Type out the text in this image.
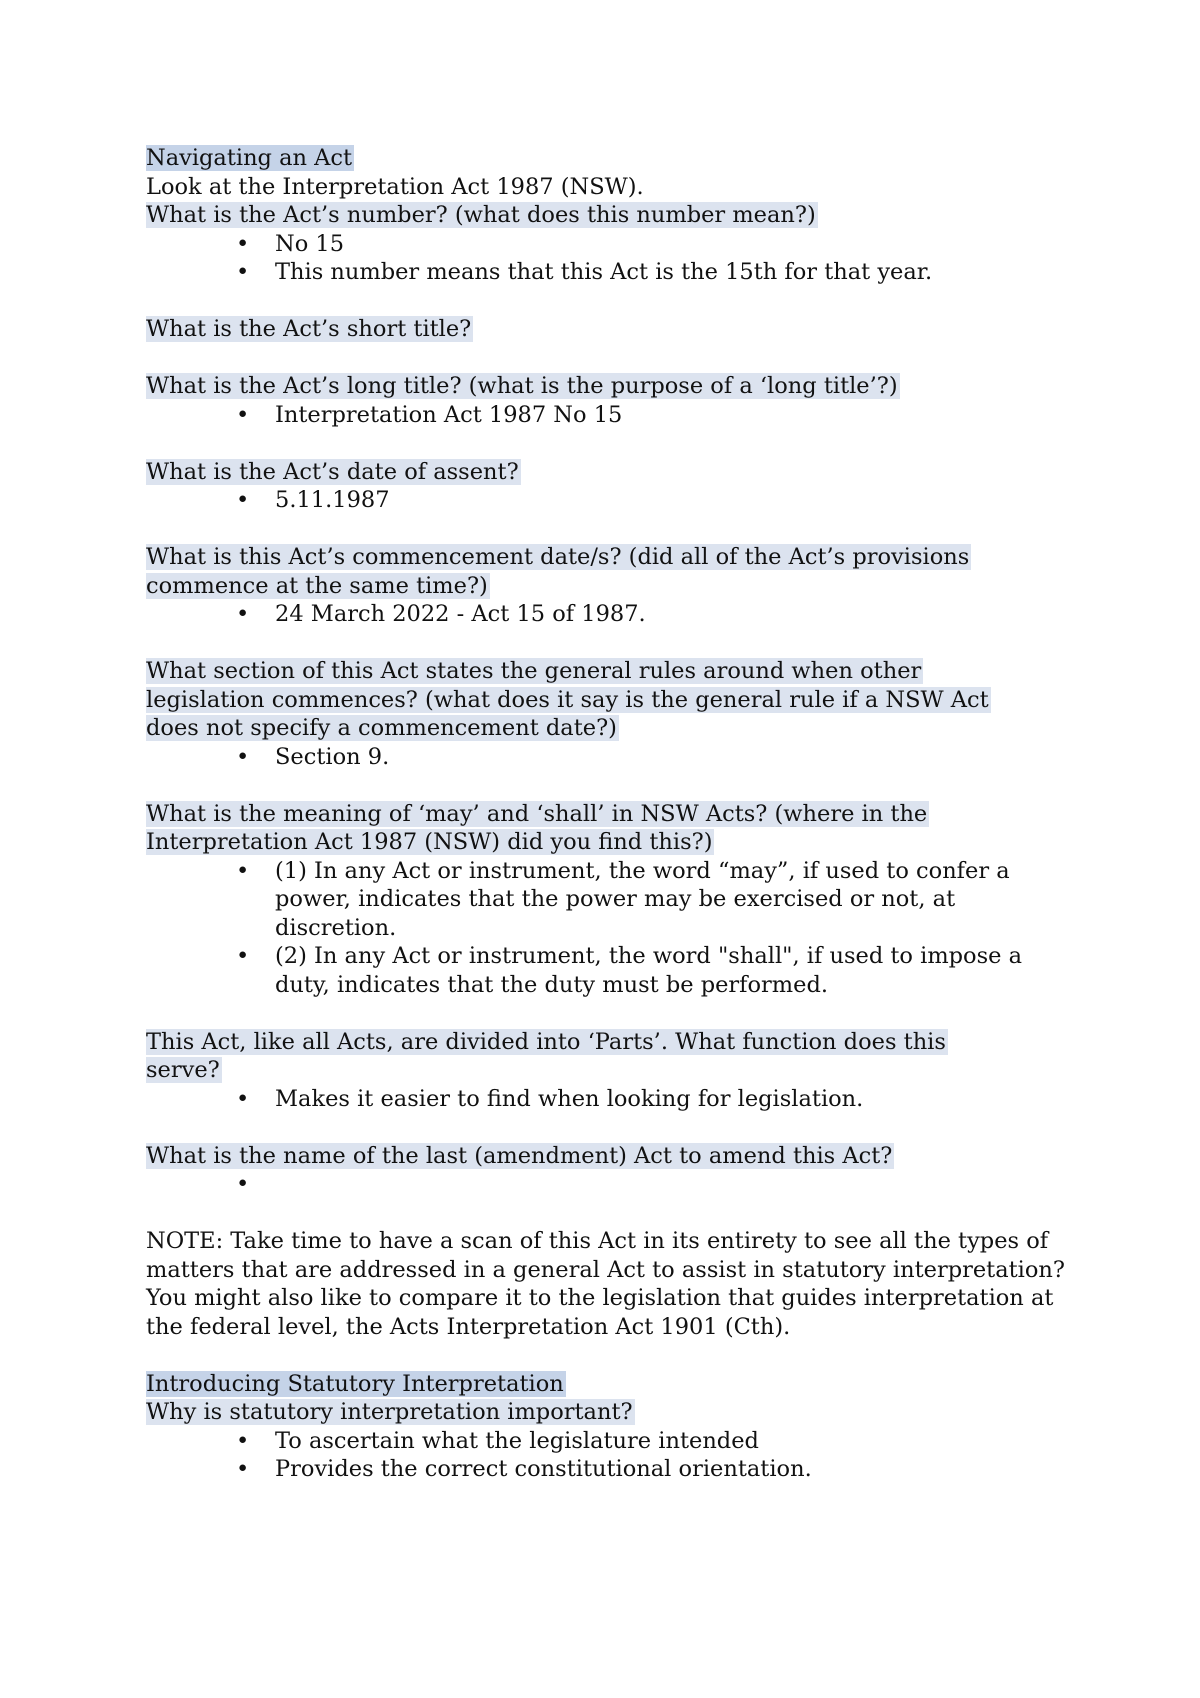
Navigating an Act

Look at the Interpretation Act 1987 (NSW).

What is the Act’s number? (what does this number mean?)

• No 15
• This number means that this Act is the 15th for that year.

What is the Act’s short title?

What is the Act’s long title? (what is the purpose of a ‘long title’?)

• Interpretation Act 1987 No 15

What is the Act’s date of assent?

• 5.11.1987

What is this Act’s commencement date/s? (did all of the Act’s provisions
commence at the same time?)

• 24 March 2022 - Act 15 of 1987.

What section of this Act states the general rules around when other
legislation commences? (what does it say is the general rule if a NSW Act
does not specify a commencement date?)

• Section 9.

What is the meaning of ‘may’ and ‘shall’ in NSW Acts? (where in the
Interpretation Act 1987 (NSW) did you find this?)

• (1) In any Act or instrument, the word “may”, if used to confer a power, indicates that the power may be exercised or not, at discretion.
• (2) In any Act or instrument, the word "shall", if used to impose a duty, indicates that the duty must be performed.

This Act, like all Acts, are divided into ‘Parts’. What function does this
serve?

• Makes it easier to find when looking for legislation.

What is the name of the last (amendment) Act to amend this Act?

•

NOTE: Take time to have a scan of this Act in its entirety to see all the types of matters that are addressed in a general Act to assist in statutory interpretation? You might also like to compare it to the legislation that guides interpretation at the federal level, the Acts Interpretation Act 1901 (Cth).

Introducing Statutory Interpretation

Why is statutory interpretation important?

• To ascertain what the legislature intended
• Provides the correct constitutional orientation.
